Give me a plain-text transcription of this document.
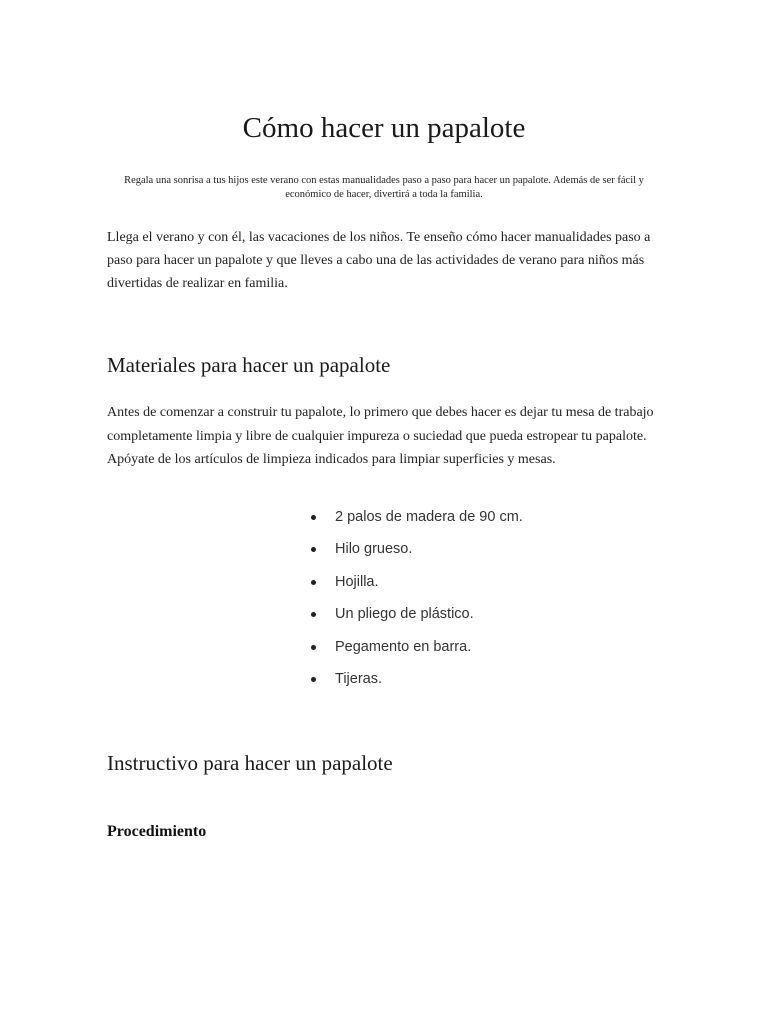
Cómo hacer un papalote

Regala una sonrisa a tus hijos este verano con estas manualidades paso a paso para hacer un papalote. Además de ser fácil y económico de hacer, divertirá a toda la familia.

Llega el verano y con él, las vacaciones de los niños. Te enseño cómo hacer manualidades paso a paso para hacer un papalote y que lleves a cabo una de las actividades de verano para niños más divertidas de realizar en familia.

Materiales para hacer un papalote

Antes de comenzar a construir tu papalote, lo primero que debes hacer es dejar tu mesa de trabajo completamente limpia y libre de cualquier impureza o suciedad que pueda estropear tu papalote. Apóyate de los artículos de limpieza indicados para limpiar superficies y mesas.

2 palos de madera de 90 cm.
Hilo grueso.
Hojilla.
Un pliego de plástico.
Pegamento en barra.
Tijeras.
Instructivo para hacer un papalote
Procedimiento
